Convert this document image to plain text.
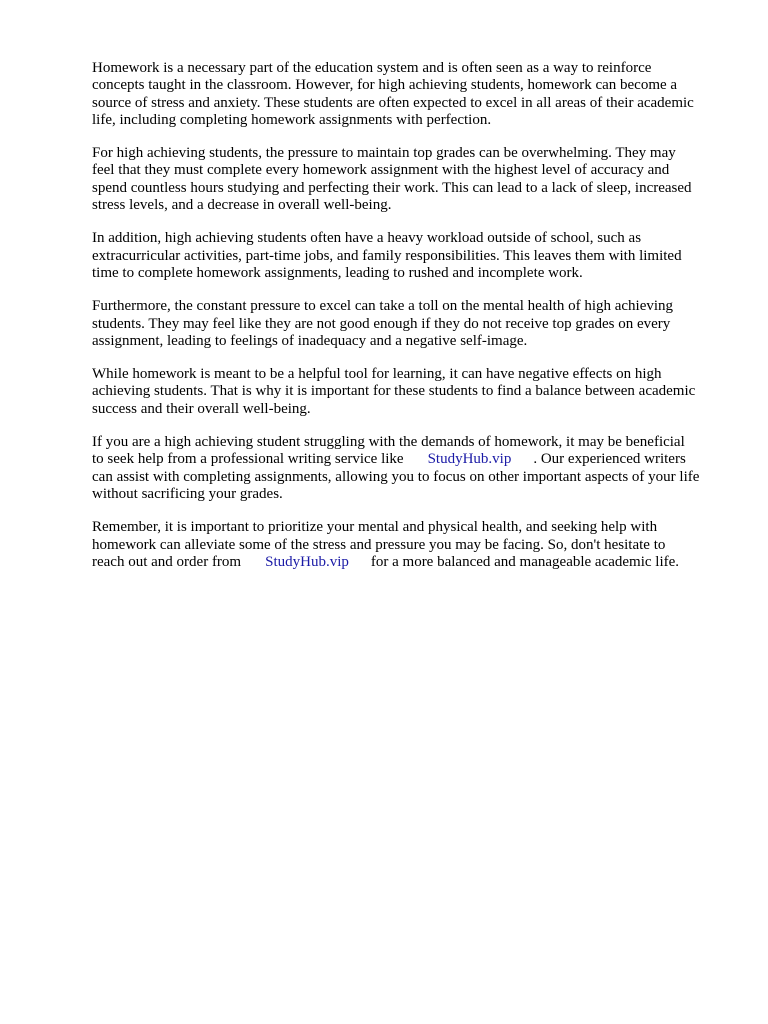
Homework is a necessary part of the education system and is often seen as a way to reinforce
concepts taught in the classroom. However, for high achieving students, homework can become a
source of stress and anxiety. These students are often expected to excel in all areas of their academic
life, including completing homework assignments with perfection.

For high achieving students, the pressure to maintain top grades can be overwhelming. They may
feel that they must complete every homework assignment with the highest level of accuracy and
spend countless hours studying and perfecting their work. This can lead to a lack of sleep, increased
stress levels, and a decrease in overall well-being.

In addition, high achieving students often have a heavy workload outside of school, such as
extracurricular activities, part-time jobs, and family responsibilities. This leaves them with limited
time to complete homework assignments, leading to rushed and incomplete work.

Furthermore, the constant pressure to excel can take a toll on the mental health of high achieving
students. They may feel like they are not good enough if they do not receive top grades on every
assignment, leading to feelings of inadequacy and a negative self-image.

While homework is meant to be a helpful tool for learning, it can have negative effects on high
achieving students. That is why it is important for these students to find a balance between academic
success and their overall well-being.

If you are a high achieving student struggling with the demands of homework, it may be beneficial
to seek help from a professional writing service like StudyHub.vip . Our experienced writers
can assist with completing assignments, allowing you to focus on other important aspects of your life
without sacrificing your grades.

Remember, it is important to prioritize your mental and physical health, and seeking help with
homework can alleviate some of the stress and pressure you may be facing. So, don't hesitate to
reach out and order from StudyHub.vip for a more balanced and manageable academic life.
